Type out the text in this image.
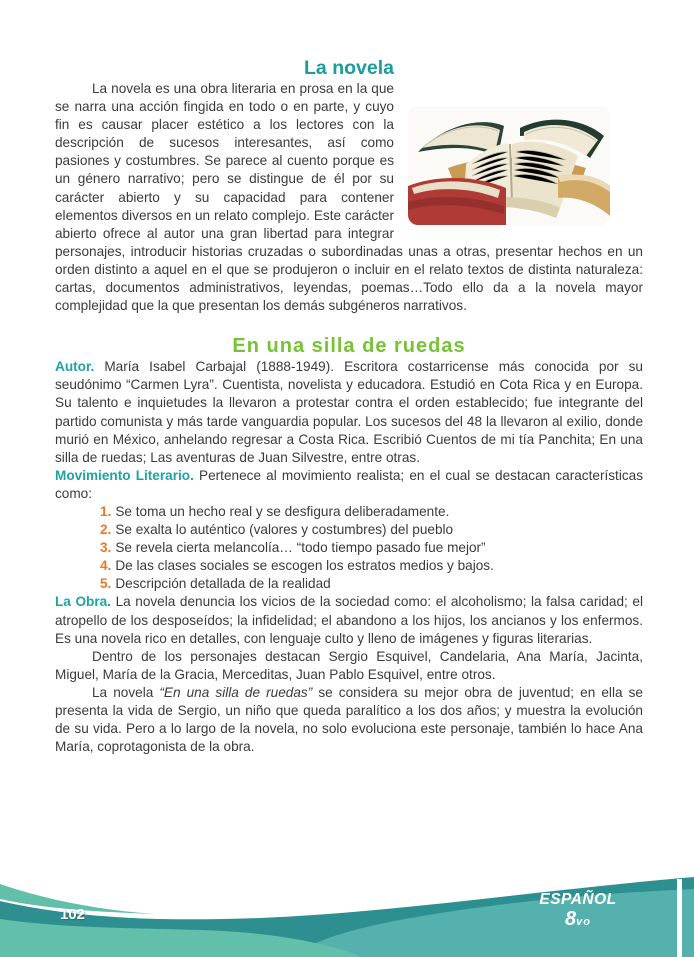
La novela

La novela es una obra literaria en prosa en la que se narra una acción fingida en todo o en parte, y cuyo fin es causar placer estético a los lectores con la descripción de sucesos interesantes, así como pasiones y costumbres. Se parece al cuento porque es un género narrativo; pero se distingue de él por su carácter abierto y su capacidad para contener elementos diversos en un relato complejo. Este carácter abierto ofrece al autor una gran libertad para integrar personajes, introducir historias cruzadas o subordinadas unas a otras, presentar hechos en un orden distinto a aquel en el que se produjeron o incluir en el relato textos de distinta naturaleza: cartas, documentos administrativos, leyendas, poemas…Todo ello da a la novela mayor complejidad que la que presentan los demás subgéneros narrativos.

En una silla de ruedas

Autor. María Isabel Carbajal (1888-1949). Escritora costarricense más conocida por su seudónimo “Carmen Lyra”. Cuentista, novelista y educadora. Estudió en Cota Rica y en Europa. Su talento e inquietudes la llevaron a protestar contra el orden establecido; fue integrante del partido comunista y más tarde vanguardia popular. Los sucesos del 48 la llevaron al exilio, donde murió en México, anhelando regresar a Costa Rica. Escribió Cuentos de mi tía Panchita; En una silla de ruedas; Las aventuras de Juan Silvestre, entre otras.

Movimiento Literario. Pertenece al movimiento realista; en el cual se destacan características como:

1. Se toma un hecho real y se desfigura deliberadamente.
2. Se exalta lo auténtico (valores y costumbres) del pueblo
3. Se revela cierta melancolía… “todo tiempo pasado fue mejor”
4. De las clases sociales se escogen los estratos medios y bajos.
5. Descripción detallada de la realidad

La Obra. La novela denuncia los vicios de la sociedad como: el alcoholismo; la falsa caridad; el atropello de los desposeídos; la infidelidad; el abandono a los hijos, los ancianos y los enfermos. Es una novela rico en detalles, con lenguaje culto y lleno de imágenes y figuras literarias.

Dentro de los personajes destacan Sergio Esquivel, Candelaria, Ana María, Jacinta, Miguel, María de la Gracia, Merceditas, Juan Pablo Esquivel, entre otros.

La novela “En una silla de ruedas” se considera su mejor obra de juventud; en ella se presenta la vida de Sergio, un niño que queda paralítico a los dos años; y muestra la evolución de su vida. Pero a lo largo de la novela, no solo evoluciona este personaje, también lo hace Ana María, coprotagonista de la obra.

102
ESPAÑOL
8vo
